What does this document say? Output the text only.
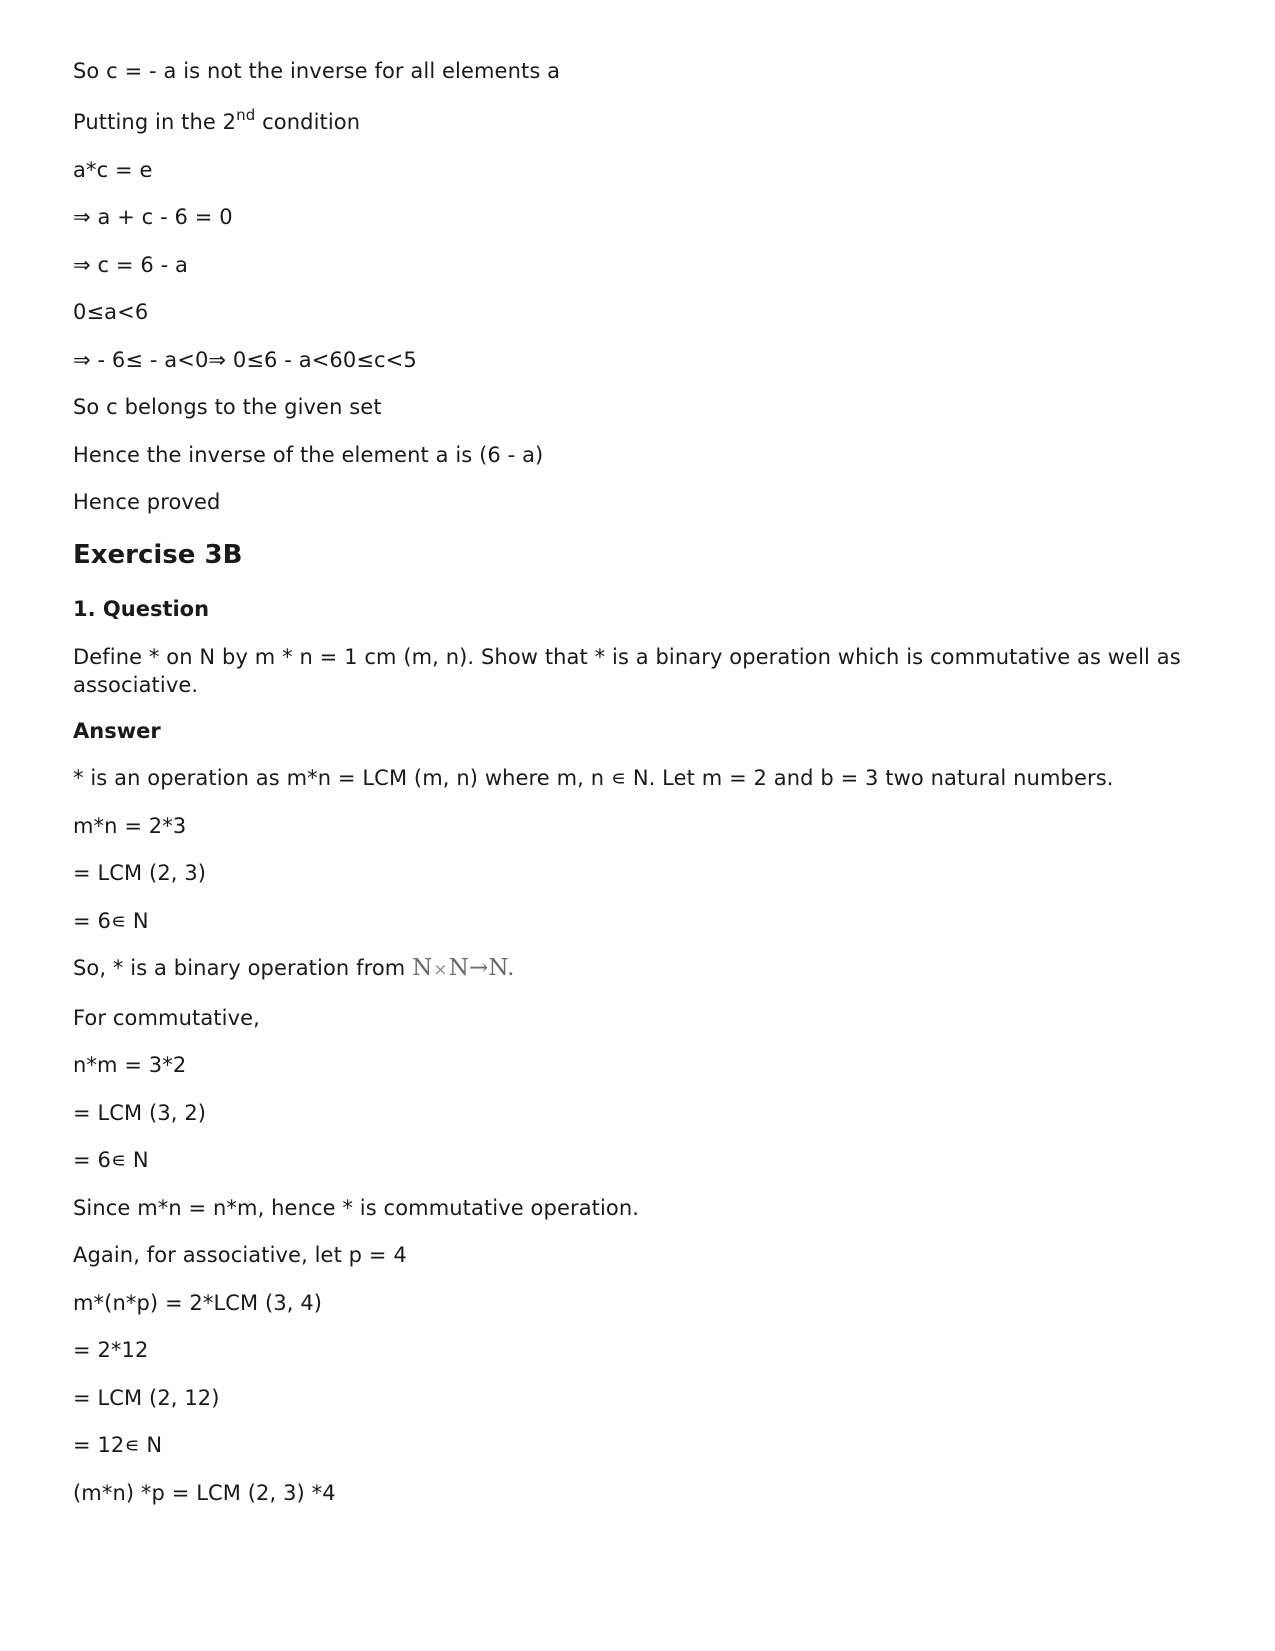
So c = - a is not the inverse for all elements a
Putting in the 2nd condition
a*c = e
⇒ a + c - 6 = 0
⇒ c = 6 - a
0≤a<6
⇒ - 6≤ - a<0⇒ 0≤6 - a<60≤c<5
So c belongs to the given set
Hence the inverse of the element a is (6 - a)
Hence proved
Exercise 3B
1. Question
Define * on N by m * n = 1 cm (m, n). Show that * is a binary operation which is commutative as well as associative.
Answer
* is an operation as m*n = LCM (m, n) where m, n ∊ N. Let m = 2 and b = 3 two natural numbers.
m*n = 2*3
= LCM (2, 3)
= 6∊ N
So, * is a binary operation from N×N→N.
For commutative,
n*m = 3*2
= LCM (3, 2)
= 6∊ N
Since m*n = n*m, hence * is commutative operation.
Again, for associative, let p = 4
m*(n*p) = 2*LCM (3, 4)
= 2*12
= LCM (2, 12)
= 12∊ N
(m*n) *p = LCM (2, 3) *4
